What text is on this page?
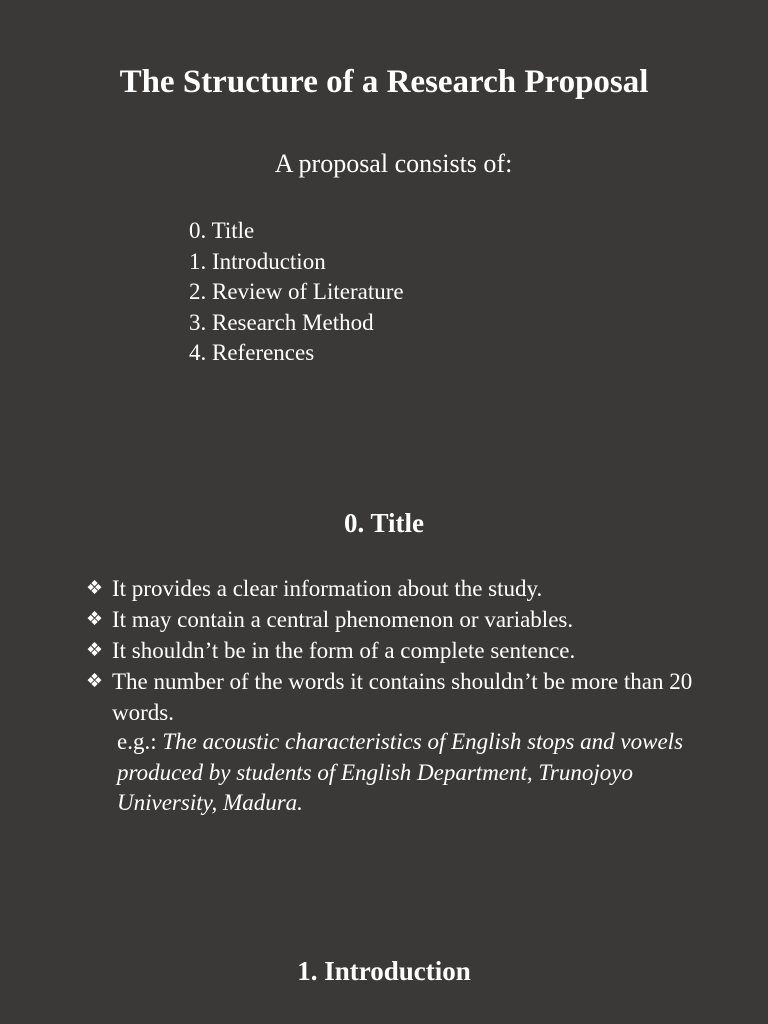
The Structure of a Research Proposal

A proposal consists of:

0. Title
1. Introduction
2. Review of Literature
3. Research Method
4. References
0. Title
❖ It provides a clear information about the study.
❖ It may contain a central phenomenon or variables.
❖ It shouldn’t be in the form of a complete sentence.
❖ The number of the words it contains shouldn’t be more than 20 words.

e.g.: The acoustic characteristics of English stops and vowels produced by students of English Department, Trunojoyo University, Madura.

1. Introduction
